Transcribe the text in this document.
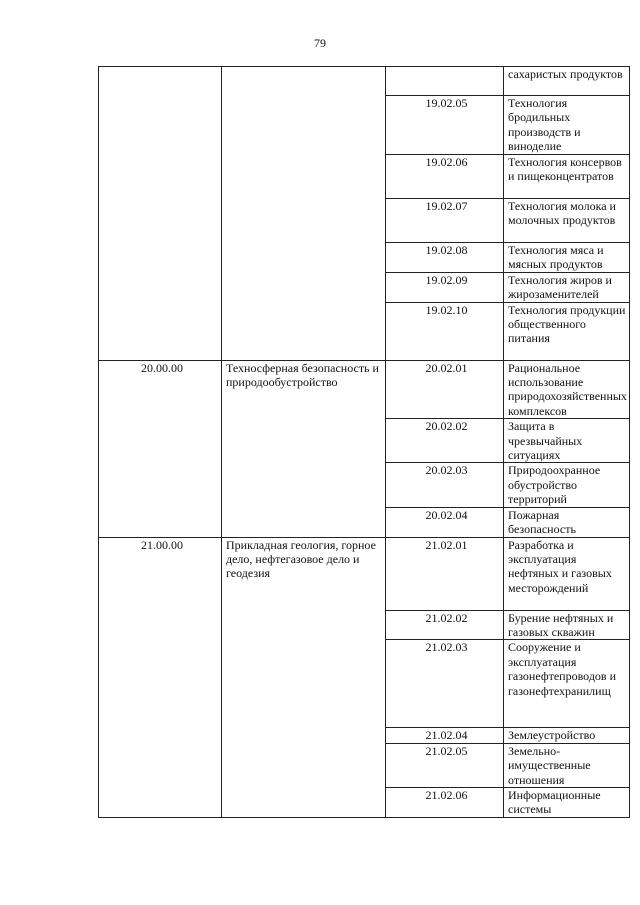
79
			сахаристых продуктов
		19.02.05	Технология бродильных производств и виноделие
		19.02.06	Технология консервов и пищеконцентратов
		19.02.07	Технология молока и молочных продуктов
		19.02.08	Технология мяса и мясных продуктов
		19.02.09	Технология жиров и жирозаменителей
		19.02.10	Технология продукции общественного питания
20.00.00	Техносферная безопасность и природообустройство	20.02.01	Рациональное использование природохозяйственных комплексов
		20.02.02	Защита в чрезвычайных ситуациях
		20.02.03	Природоохранное обустройство территорий
		20.02.04	Пожарная безопасность
21.00.00	Прикладная геология, горное дело, нефтегазовое дело и геодезия	21.02.01	Разработка и эксплуатация нефтяных и газовых месторождений
		21.02.02	Бурение нефтяных и газовых скважин
		21.02.03	Сооружение и эксплуатация газонефтепроводов и газонефтехранилищ
		21.02.04	Землеустройство
		21.02.05	Земельно-имущественные отношения
		21.02.06	Информационные системы
